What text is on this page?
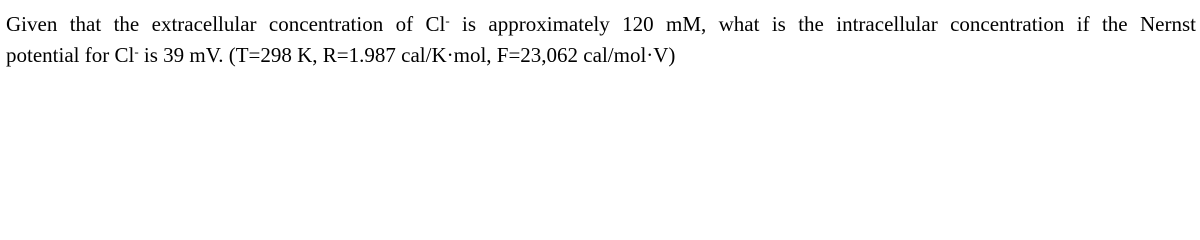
Given that the extracellular concentration of Cl- is approximately 120 mM, what is the intracellular concentration if the Nernst
potential for Cl- is 39 mV. (T=298 K, R=1.987 cal/K·mol, F=23,062 cal/mol·V)
